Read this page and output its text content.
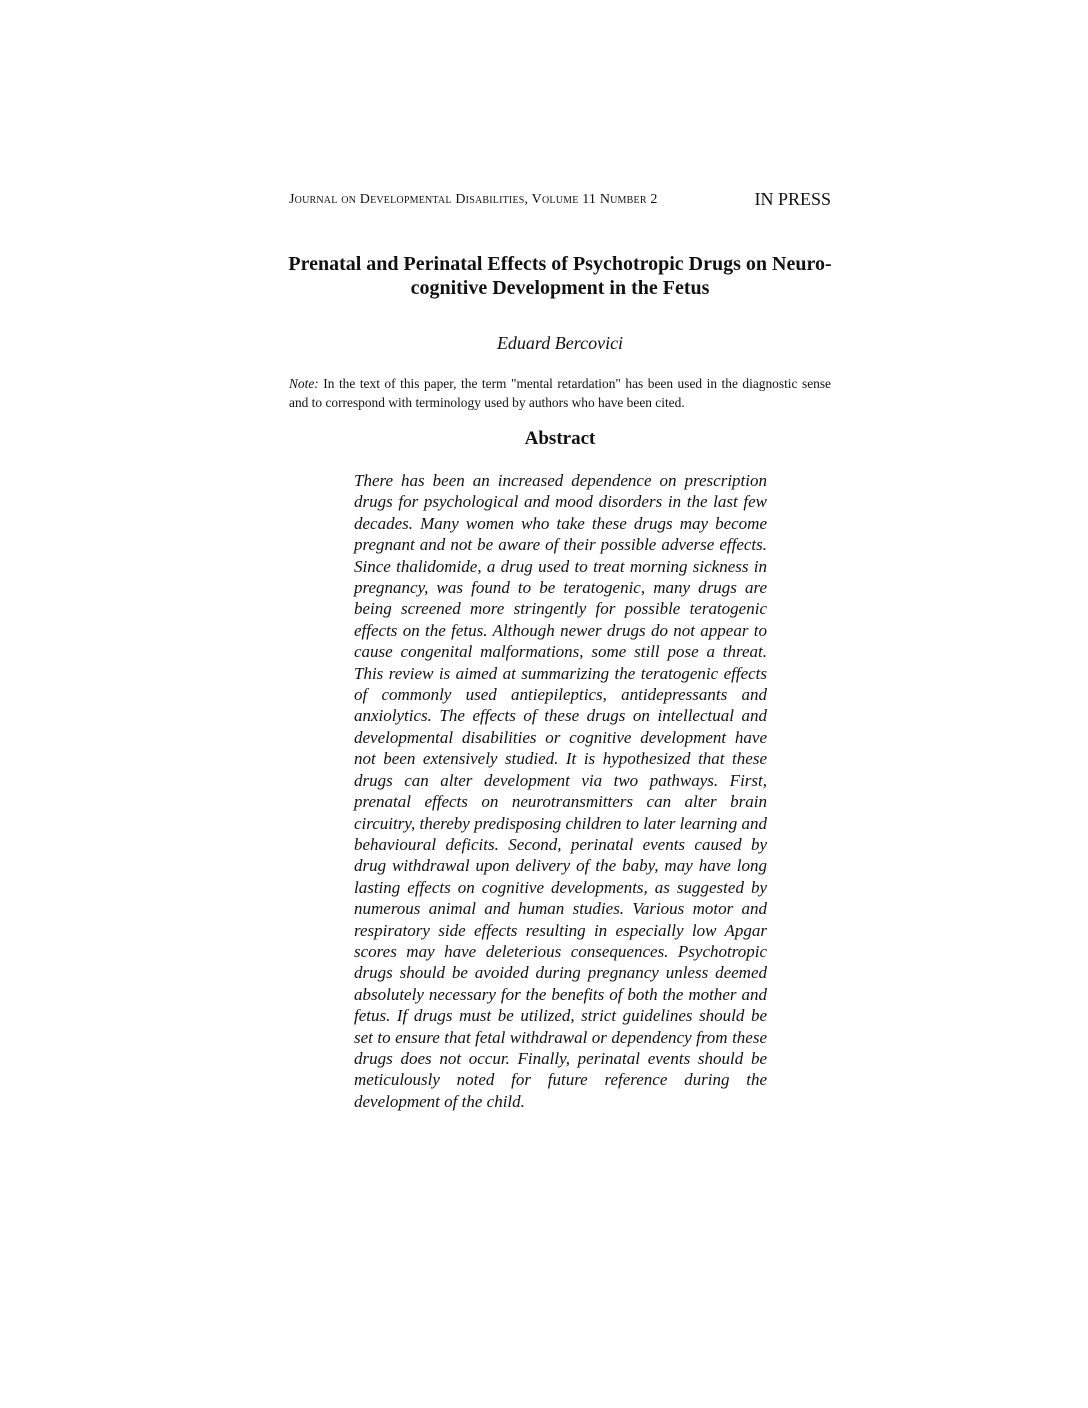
Journal on Developmental Disabilities, Volume 11 Number 2	IN PRESS
Prenatal and Perinatal Effects of Psychotropic Drugs on Neuro-cognitive Development in the Fetus

Eduard Bercovici

Note: In the text of this paper, the term "mental retardation" has been used in the diagnostic sense and to correspond with terminology used by authors who have been cited.

Abstract

There has been an increased dependence on prescription drugs for psychological and mood disorders in the last few decades. Many women who take these drugs may become pregnant and not be aware of their possible adverse effects. Since thalidomide, a drug used to treat morning sickness in pregnancy, was found to be teratogenic, many drugs are being screened more stringently for possible teratogenic effects on the fetus. Although newer drugs do not appear to cause congenital malformations, some still pose a threat. This review is aimed at summarizing the teratogenic effects of commonly used antiepileptics, antidepressants and anxiolytics. The effects of these drugs on intellectual and developmental disabilities or cognitive development have not been extensively studied. It is hypothesized that these drugs can alter development via two pathways. First, prenatal effects on neurotransmitters can alter brain circuitry, thereby predisposing children to later learning and behavioural deficits. Second, perinatal events caused by drug withdrawal upon delivery of the baby, may have long lasting effects on cognitive developments, as suggested by numerous animal and human studies. Various motor and respiratory side effects resulting in especially low Apgar scores may have deleterious consequences. Psychotropic drugs should be avoided during pregnancy unless deemed absolutely necessary for the benefits of both the mother and fetus. If drugs must be utilized, strict guidelines should be set to ensure that fetal withdrawal or dependency from these drugs does not occur. Finally, perinatal events should be meticulously noted for future reference during the development of the child.
